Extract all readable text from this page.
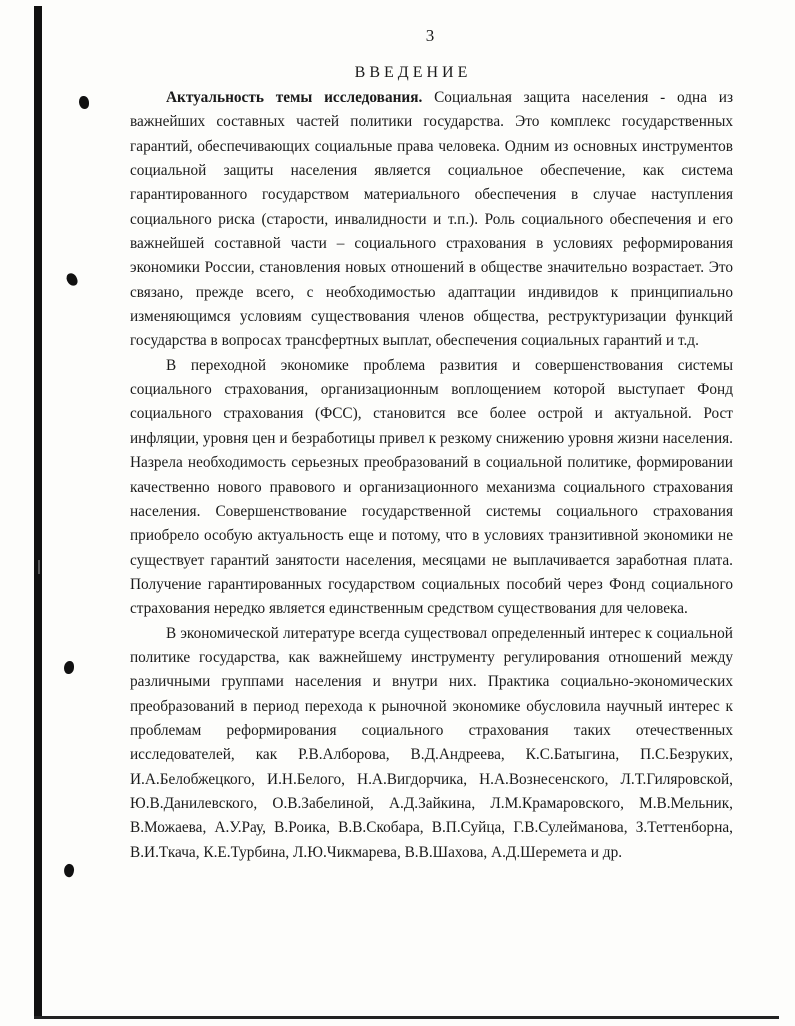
3
ВВЕДЕНИЕ

Актуальность темы исследования. Социальная защита населения - одна из важнейших составных частей политики государства. Это комплекс государственных гарантий, обеспечивающих социальные права человека. Одним из основных инструментов социальной защиты населения является социальное обеспечение, как система гарантированного государством материального обеспечения в случае наступления социального риска (старости, инвалидности и т.п.). Роль социального обеспечения и его важнейшей составной части – социального страхования в условиях реформирования экономики России, становления новых отношений в обществе значительно возрастает. Это связано, прежде всего, с необходимостью адаптации индивидов к принципиально изменяющимся условиям существования членов общества, реструктуризации функций государства в вопросах трансфертных выплат, обеспечения социальных гарантий и т.д.

В переходной экономике проблема развития и совершенствования системы социального страхования, организационным воплощением которой выступает Фонд социального страхования (ФСС), становится все более острой и актуальной. Рост инфляции, уровня цен и безработицы привел к резкому снижению уровня жизни населения. Назрела необходимость серьезных преобразований в социальной политике, формировании качественно нового правового и организационного механизма социального страхования населения. Совершенствование государственной системы социального страхования приобрело особую актуальность еще и потому, что в условиях транзитивной экономики не существует гарантий занятости населения, месяцами не выплачивается заработная плата. Получение гарантированных государством социальных пособий через Фонд социального страхования нередко является единственным средством существования для человека.

В экономической литературе всегда существовал определенный интерес к социальной политике государства, как важнейшему инструменту регулирования отношений между различными группами населения и внутри них. Практика социально-экономических преобразований в период перехода к рыночной экономике обусловила научный интерес к проблемам реформирования социального страхования таких отечественных исследователей, как Р.В.Алборова, В.Д.Андреева, К.С.Батыгина, П.С.Безруких, И.А.Белобжецкого, И.Н.Белого, Н.А.Вигдорчика, Н.А.Вознесенского, Л.Т.Гиляровской, Ю.В.Данилевского, О.В.Забелиной, А.Д.Зайкина, Л.М.Крамаровского, М.В.Мельник, В.Можаева, А.У.Рау, В.Роика, В.В.Скобара, В.П.Суйца, Г.В.Сулейманова, З.Теттенборна, В.И.Ткача, К.Е.Турбина, Л.Ю.Чикмарева, В.В.Шахова, А.Д.Шеремета и др.
